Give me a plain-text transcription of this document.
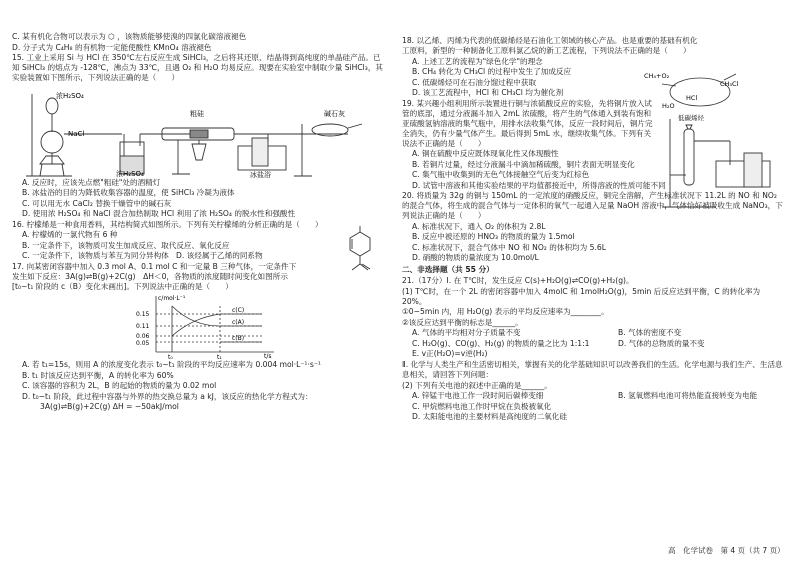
C. 某有机化合物可以表示为 ⬡ ，该物质能够使溴的四氯化碳溶液褪色
D. 分子式为 C₄H₈ 的有机物一定能使酸性 KMnO₄ 溶液褪色
15. 工业上采用 Si 与 HCl 在 350℃左右反应生成 SiHCl₃，之后将其还原、结晶得到高纯度的单晶硅产品。已知 SiHCl₃ 的熔点为 -128℃，沸点为 33℃，且遇 O₂ 和 H₂O 均易反应。现要在实验室中制取少量 SiHCl₃，其实验装置如下图所示，下列说法正确的是（　　）
浓H₂SO₄
NaCl
浓H₂SO₄
粗硅	碱石灰
冰盐浴
A. 反应时，应该先点燃"粗硅"处的酒精灯
B. 冰盐浴的目的为降低收集容器的温度，使 SiHCl₃ 冷凝为液体
C. 可以用无水 CaCl₂ 替换干燥管中的碱石灰
D. 使用浓 H₂SO₄ 和 NaCl 混合加热制取 HCl 利用了浓 H₂SO₄ 的脱水性和强酸性
16. 柠檬烯是一种食用香料，其结构简式如图所示。下列有关柠檬烯的分析正确的是（　　）
A. 柠檬烯的一氯代物有 6 种
B. 一定条件下，该物质可发生加成反应、取代反应、氧化反应
C. 一定条件下，该物质与苯互为同分异构体 D. 该烃属于乙烯的同系物
17. 向某密闭容器中加入 0.3 mol A、0.1 mol C 和一定量 B 三种气体，一定条件下发生如下反应：3A(g)⇌B(g)+2C(g)　ΔH＜0，各物质的浓度随时间变化如图所示[t₀~t₁ 阶段的 c（B）变化未画出]。下列说法中正确的是（　　）
c/mol·L⁻¹
t/s
t₀	t₁
c(C)
c(A)
c(B)
0.15
0.11
0.06
0.05
A. 若 t₁=15s，则用 A 的浓度变化表示 t₀~t₁ 阶段的平均反应速率为 0.004 mol·L⁻¹·s⁻¹
B. t₁ 时该反应达到平衡，A 的转化率为 60%
C. 该容器的容积为 2L，B 的起始的物质的量为 0.02 mol
D. t₀~t₁ 阶段，此过程中容器与外界的热交换总量为 a kJ，该反应的热化学方程式为：
3A(g)⇌B(g)+2C(g) ΔH = −50akJ/mol
18. 以乙烯、丙烯为代表的低碳烯烃是石油化工领域的核心产品。也是重要的基础有机化工原料，新型的一种制备化工原料氯乙烷的新工艺流程，下列说法不正确的是（　　）
A. 上述工艺的流程为"绿色化学"的理念
B. CH₄ 转化为 CH₃Cl 的过程中发生了加成反应
C. 低碳烯烃可在石油分馏过程中获取
D. 该工艺流程中，HCl 和 CH₃Cl 均为催化剂
CH₄+O₂
CH₃Cl
HCl
H₂O
低碳烯烃
19. 某兴趣小组利用所示装置进行铜与浓硫酸反应的实验，先将铜片放入试管的底部，通过分液漏斗加入 2mL 浓硫酸，将产生的气体通入到装有饱和亚硫酸氢钠溶液的集气瓶中，用排水法收集气体，反应一段时间后，铜片完全消失，仍有少量气体产生。最后得到 5mL 水，继续收集气体。下列有关说法不正确的是（　　）
A. 铜在硫酸中反应既体现氧化性又体现酸性
B. 若铜片过量，经过分液漏斗中滴加稀硫酸，铜片表面无明显变化
C. 集气瓶中收集到的无色气体接触空气后变为红棕色
D. 试管中溶液和其他实验结果的平均值都接近中，所得溶液的性质可能不同
20. 将质量为 32g 的铜与 150mL 的一定浓度的硝酸反应，铜完全溶解，产生标准状况下 11.2L 的 NO 和 NO₂ 的混合气体，将生成的混合气体与一定体积的氧气一起通入足量 NaOH 溶液中，气体恰好被吸收生成 NaNO₃，下列说法正确的是（　　）
A. 标准状况下，通入 O₂ 的体积为 2.8L
B. 反应中被还原的 HNO₃ 的物质的量为 1.5mol
C. 标准状况下，混合气体中 NO 和 NO₂ 的体积均为 5.6L
D. 硝酸的物质的量浓度为 10.0mol/L
二、非选择题（共 55 分）
21.（17分）Ⅰ. 在 T℃时，发生反应 C(s)+H₂O(g)⇌CO(g)+H₂(g)。
(1) T℃时，在一个 2L 的密闭容器中加入 4molC 和 1molH₂O(g)，5min 后反应达到平衡，C 的转化率为 20%。
①0~5min 内，用 H₂O(g) 表示的平均反应速率为________。
②该反应达到平衡的标志是______。
A. 气体的平均相对分子质量不变	B. 气体的密度不变
C. H₂O(g)、CO(g)、H₂(g) 的物质的量之比为 1:1:1	D. 气体的总物质的量不变
E. v正(H₂O)=v逆(H₂)
Ⅱ. 化学与人类生产和生活密切相关，掌握有关的化学基础知识可以改善我们的生活。化学电源与我们生产、生活息息相关，请回答下列问题：
(2) 下列有关电池的叙述中正确的是______。
A. 锌锰干电池工作一段时间后碳棒变细	B. 氢氧燃料电池可将热能直接转变为电能
C. 甲烷燃料电池工作时甲烷在负极被氧化
D. 太阳能电池的主要材料是高纯度的二氧化硅
高　化学试卷　第 4 页（共 7 页）
